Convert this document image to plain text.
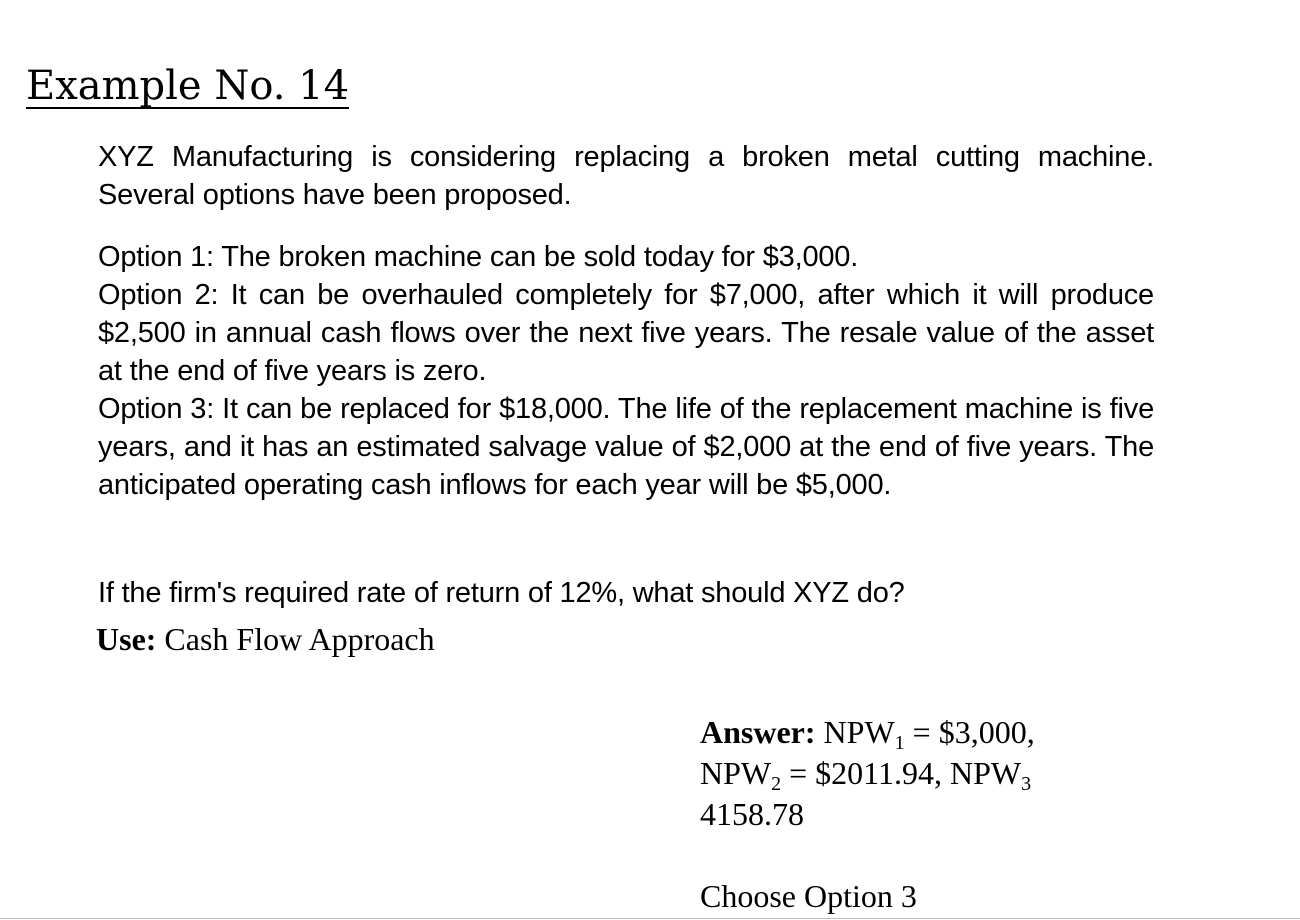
Example No. 14

XYZ Manufacturing is considering replacing a broken metal cutting machine. Several options have been proposed.

Option 1: The broken machine can be sold today for $3,000.
Option 2: It can be overhauled completely for $7,000, after which it will produce $2,500 in annual cash flows over the next five years. The resale value of the asset at the end of five years is zero.
Option 3: It can be replaced for $18,000. The life of the replacement machine is five years, and it has an estimated salvage value of $2,000 at the end of five years. The anticipated operating cash inflows for each year will be $5,000.

If the firm's required rate of return of 12%, what should XYZ do?

Use: Cash Flow Approach

Answer: $NPW_1$ = $3,000,
$NPW_2$ = $2011.94, $NPW_3$
4158.78

Choose Option 3
